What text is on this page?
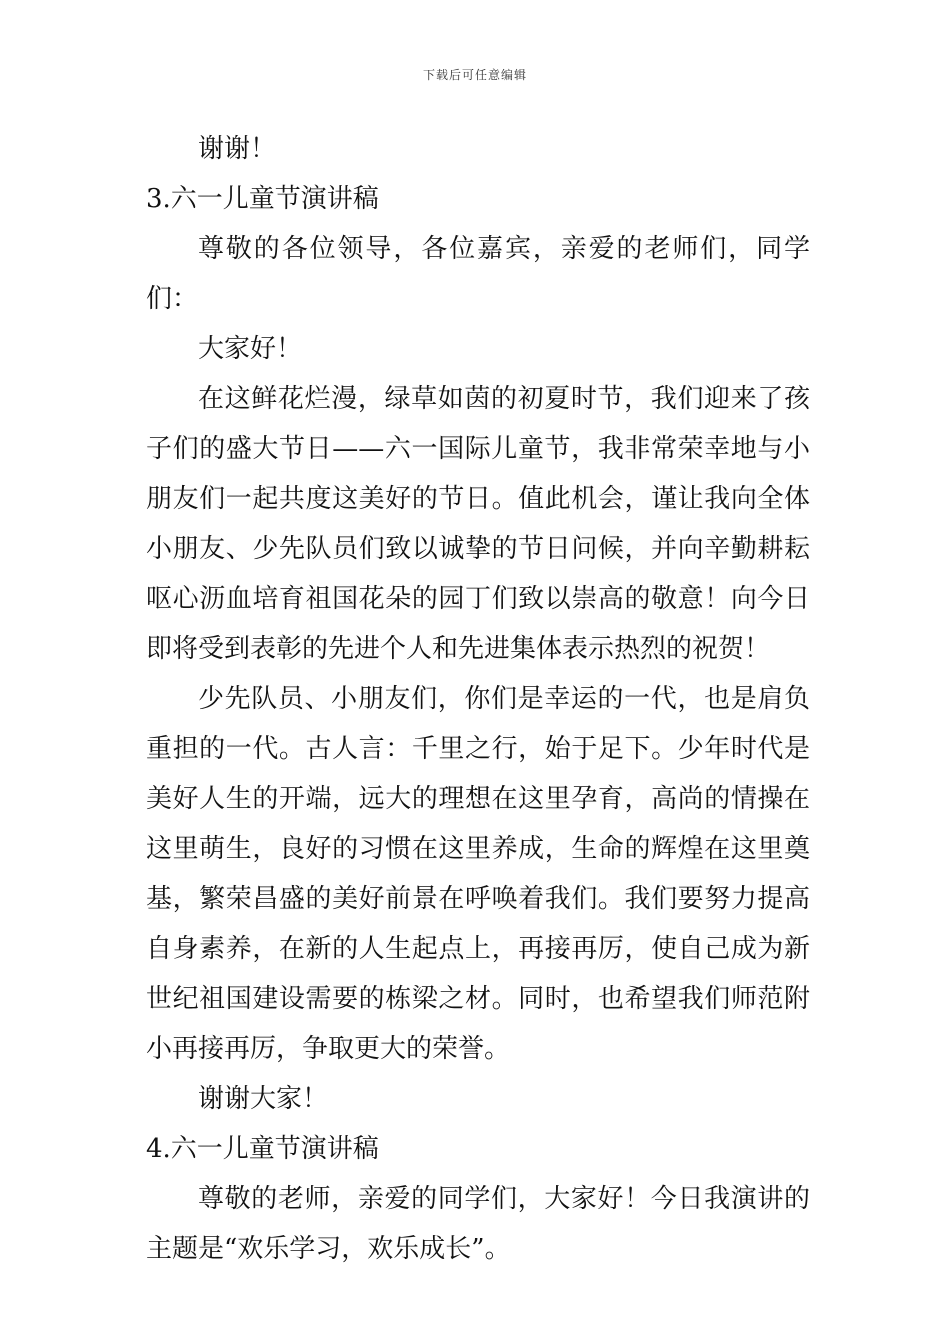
下载后可任意编辑

谢谢！

3.六一儿童节演讲稿

尊敬的各位领导，各位嘉宾，亲爱的老师们，同学们：

大家好！

在这鲜花烂漫，绿草如茵的初夏时节，我们迎来了孩子们的盛大节日——六一国际儿童节，我非常荣幸地与小朋友们一起共度这美好的节日。值此机会，谨让我向全体小朋友、少先队员们致以诚挚的节日问候，并向辛勤耕耘呕心沥血培育祖国花朵的园丁们致以崇高的敬意！向今日即将受到表彰的先进个人和先进集体表示热烈的祝贺！

少先队员、小朋友们，你们是幸运的一代，也是肩负重担的一代。古人言：千里之行，始于足下。少年时代是美好人生的开端，远大的理想在这里孕育，高尚的情操在这里萌生，良好的习惯在这里养成，生命的辉煌在这里奠基，繁荣昌盛的美好前景在呼唤着我们。我们要努力提高自身素养，在新的人生起点上，再接再厉，使自己成为新世纪祖国建设需要的栋梁之材。同时，也希望我们师范附小再接再厉，争取更大的荣誉。

谢谢大家！

4.六一儿童节演讲稿

尊敬的老师，亲爱的同学们，大家好！今日我演讲的主题是“欢乐学习，欢乐成长”。
